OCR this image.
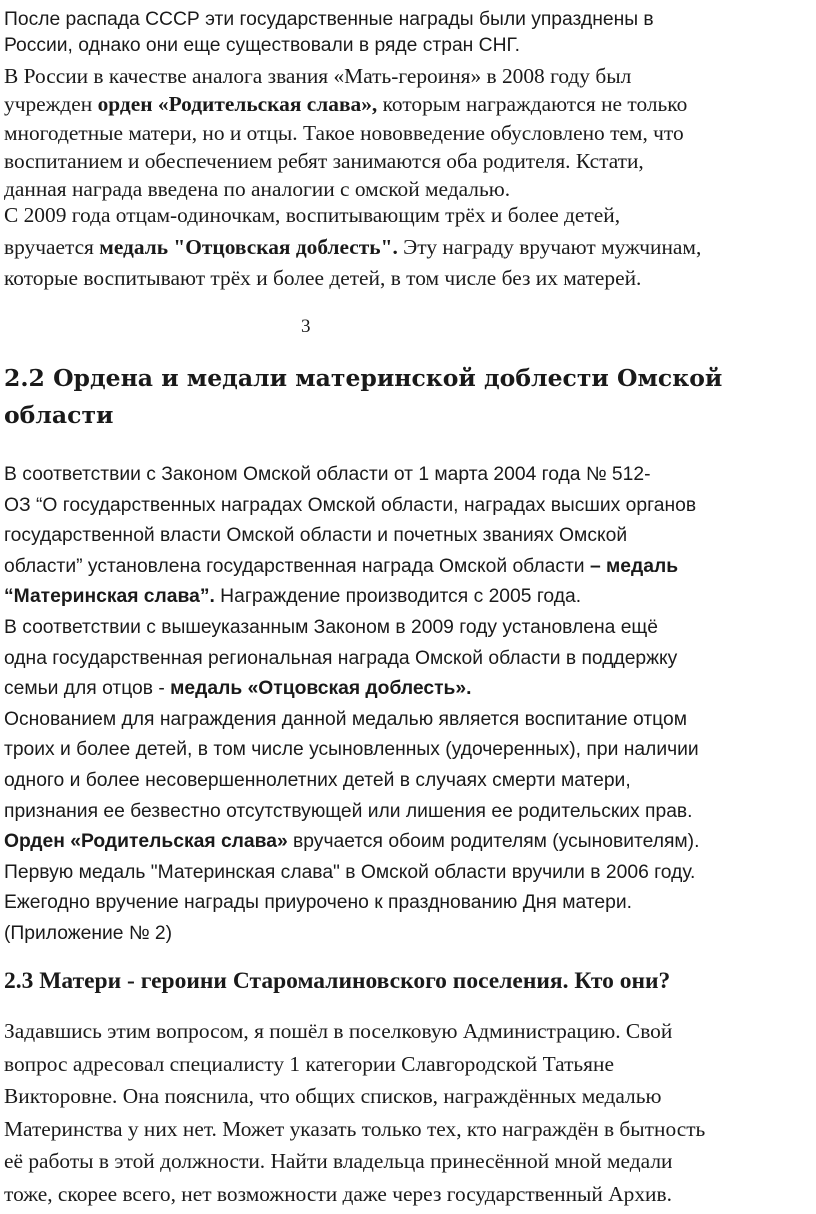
После распада СССР эти государственные награды были упразднены в
России, однако они еще существовали в ряде стран СНГ.
В России в качестве аналога звания «Мать-героиня» в 2008 году был
учрежден орден «Родительская слава», которым награждаются не только
многодетные матери, но и отцы. Такое нововведение обусловлено тем, что
воспитанием и обеспечением ребят занимаются оба родителя. Кстати,
данная награда введена по аналогии с омской медалью.
С 2009 года отцам-одиночкам, воспитывающим трёх и более детей,
вручается медаль "Отцовская доблесть". Эту награду вручают мужчинам,
которые воспитывают трёх и более детей, в том числе без их матерей.
3
2.2 Ордена и медали материнской доблести Омской
области
В соответствии с Законом Омской области от 1 марта 2004 года № 512-
ОЗ “О государственных наградах Омской области, наградах высших органов
государственной власти Омской области и почетных званиях Омской
области” установлена государственная награда Омской области – медаль
“Материнская слава”. Награждение производится с 2005 года.
В соответствии с вышеуказанным Законом в 2009 году установлена ещё
одна государственная региональная награда Омской области в поддержку
семьи для отцов - медаль «Отцовская доблесть».
Основанием для награждения данной медалью является воспитание отцом
троих и более детей, в том числе усыновленных (удочеренных), при наличии
одного и более несовершеннолетних детей в случаях смерти матери,
признания ее безвестно отсутствующей или лишения ее родительских прав.
Орден «Родительская слава» вручается обоим родителям (усыновителям).
Первую медаль "Материнская слава" в Омской области вручили в 2006 году.
Ежегодно вручение награды приурочено к празднованию Дня матери.
(Приложение № 2)
2.3 Матери - героини Старомалиновского поселения. Кто они?
Задавшись этим вопросом, я пошёл в поселковую Администрацию. Свой
вопрос адресовал специалисту 1 категории Славгородской Татьяне
Викторовне. Она пояснила, что общих списков, награждённых медалью
Материнства у них нет. Может указать только тех, кто награждён в бытность
её работы в этой должности. Найти владельца принесённой мной медали
тоже, скорее всего, нет возможности даже через государственный Архив.
